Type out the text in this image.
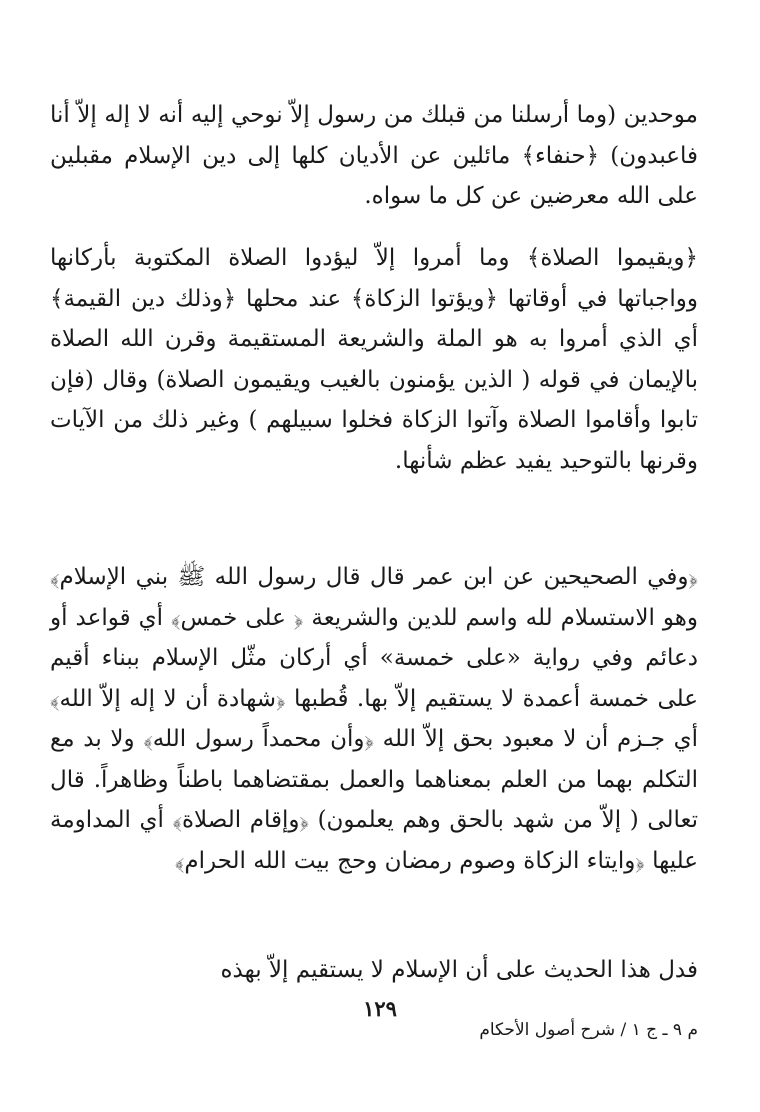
موحدين (وما أرسلنا من قبلك من رسول إلاّ نوحي إليه أنه لا إله إلاّ أنا فاعبدون) ﴿حنفاء﴾ مائلين عن الأديان كلها إلى دين الإسلام مقبلين على الله معرضين عن كل ما سواه.

﴿ويقيموا الصلاة﴾ وما أمروا إلاّ ليؤدوا الصلاة المكتوبة بأركانها وواجباتها في أوقاتها ﴿ويؤتوا الزكاة﴾ عند محلها ﴿وذلك دين القيمة﴾ أي الذي أمروا به هو الملة والشريعة المستقيمة وقرن الله الصلاة بالإيمان في قوله ( الذين يؤمنون بالغيب ويقيمون الصلاة) وقال (فإن تابوا وأقاموا الصلاة وآتوا الزكاة فخلوا سبيلهم ) وغير ذلك من الآيات وقرنها بالتوحيد يفيد عظم شأنها.

﴿وفي الصحيحين عن ابن عمر قال قال رسول الله ﷺ بني الإسلام﴾ وهو الاستسلام لله واسم للدين والشريعة ﴿ على خمس﴾ أي قواعد أو دعائم وفي رواية «على خمسة» أي أركان مثّل الإسلام ببناء أقيم على خمسة أعمدة لا يستقيم إلاّ بها. قُطبها ﴿شهادة أن لا إله إلاّ الله﴾ أي جـزم أن لا معبود بحق إلاّ الله ﴿وأن محمداً رسول الله﴾ ولا بد مع التكلم بهما من العلم بمعناهما والعمل بمقتضاهما باطناً وظاهراً. قال تعالى ( إلاّ من شهد بالحق وهم يعلمون) ﴿وإقام الصلاة﴾ أي المداومة عليها ﴿وايتاء الزكاة وصوم رمضان وحج بيت الله الحرام﴾

فدل هذا الحديث على أن الإسلام لا يستقيم إلاّ بهذه

١٢٩
م ٩ ـ ج ١ / شرح أصول الأحكام
